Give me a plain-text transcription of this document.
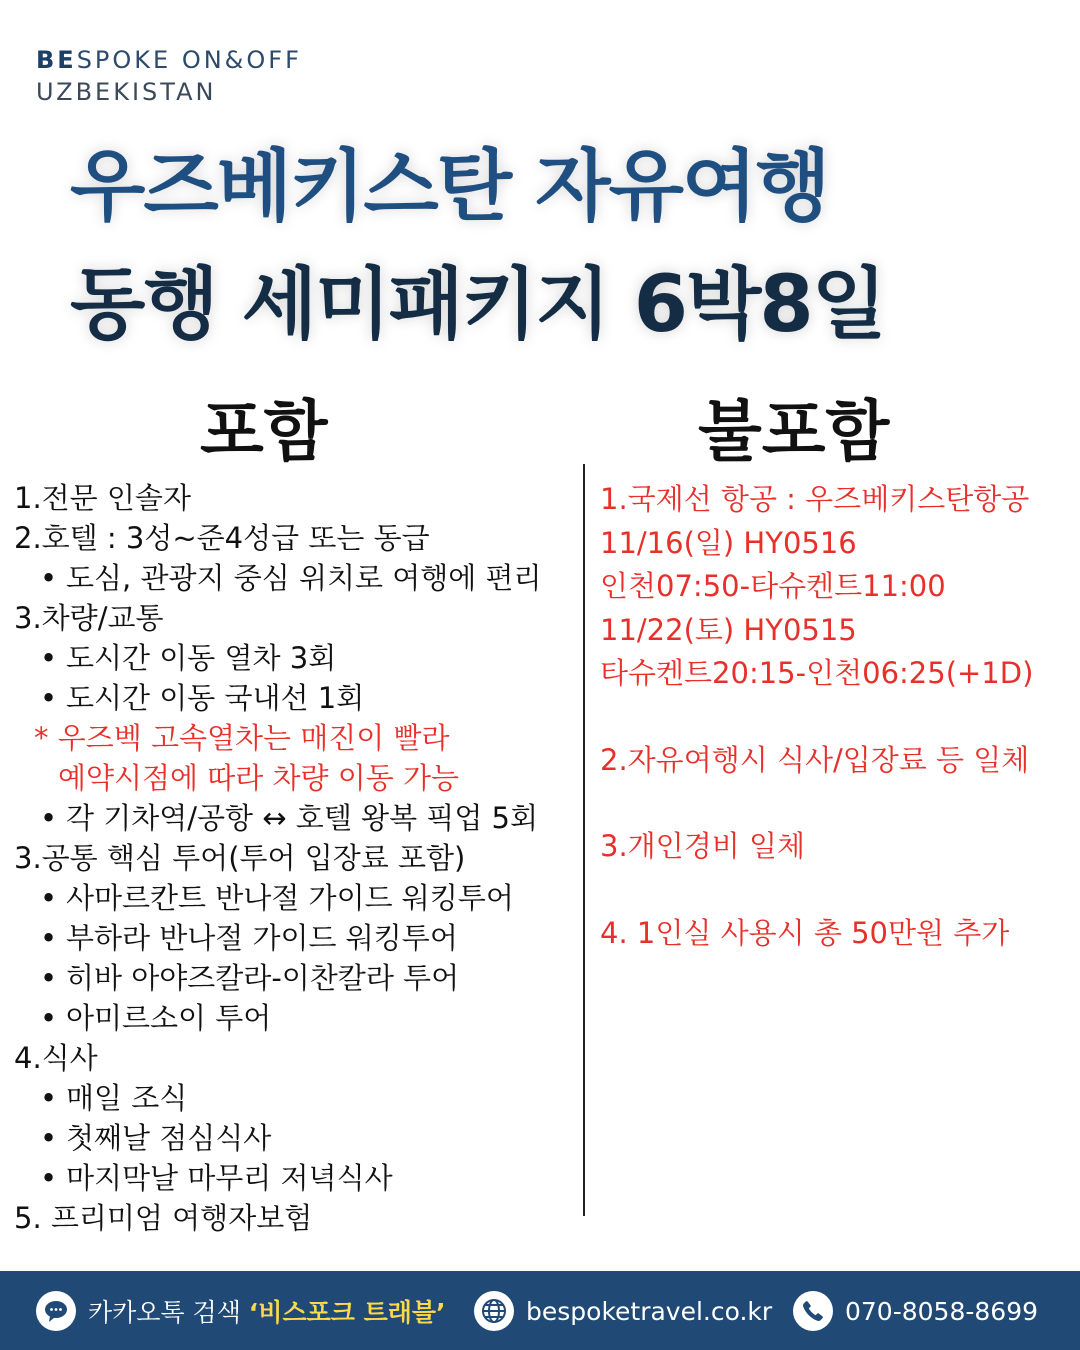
BESPOKE ON&OFF
UZBEKISTAN
우즈베키스탄 자유여행
동행 세미패키지 6박8일
포함	불포함
1.전문 인솔자
2.호텔 : 3성~준4성급 또는 동급
• 도심, 관광지 중심 위치로 여행에 편리
3.차량/교통
• 도시간 이동 열차 3회
• 도시간 이동 국내선 1회
* 우즈벡 고속열차는 매진이 빨라
예약시점에 따라 차량 이동 가능
• 각 기차역/공항 ↔ 호텔 왕복 픽업 5회
3.공통 핵심 투어(투어 입장료 포함)
• 사마르칸트 반나절 가이드 워킹투어
• 부하라 반나절 가이드 워킹투어
• 히바 아야즈칼라-이찬칼라 투어
• 아미르소이 투어
4.식사
• 매일 조식
• 첫째날 점심식사
• 마지막날 마무리 저녁식사
5. 프리미엄 여행자보험
1.국제선 항공 : 우즈베키스탄항공
11/16(일) HY0516
인천07:50-타슈켄트11:00
11/22(토) HY0515
타슈켄트20:15-인천06:25(+1D)
2.자유여행시 식사/입장료 등 일체
3.개인경비 일체
4. 1인실 사용시 총 50만원 추가
카카오톡 검색 ‘비스포크 트래블’	bespoketravel.co.kr	070-8058-8699
